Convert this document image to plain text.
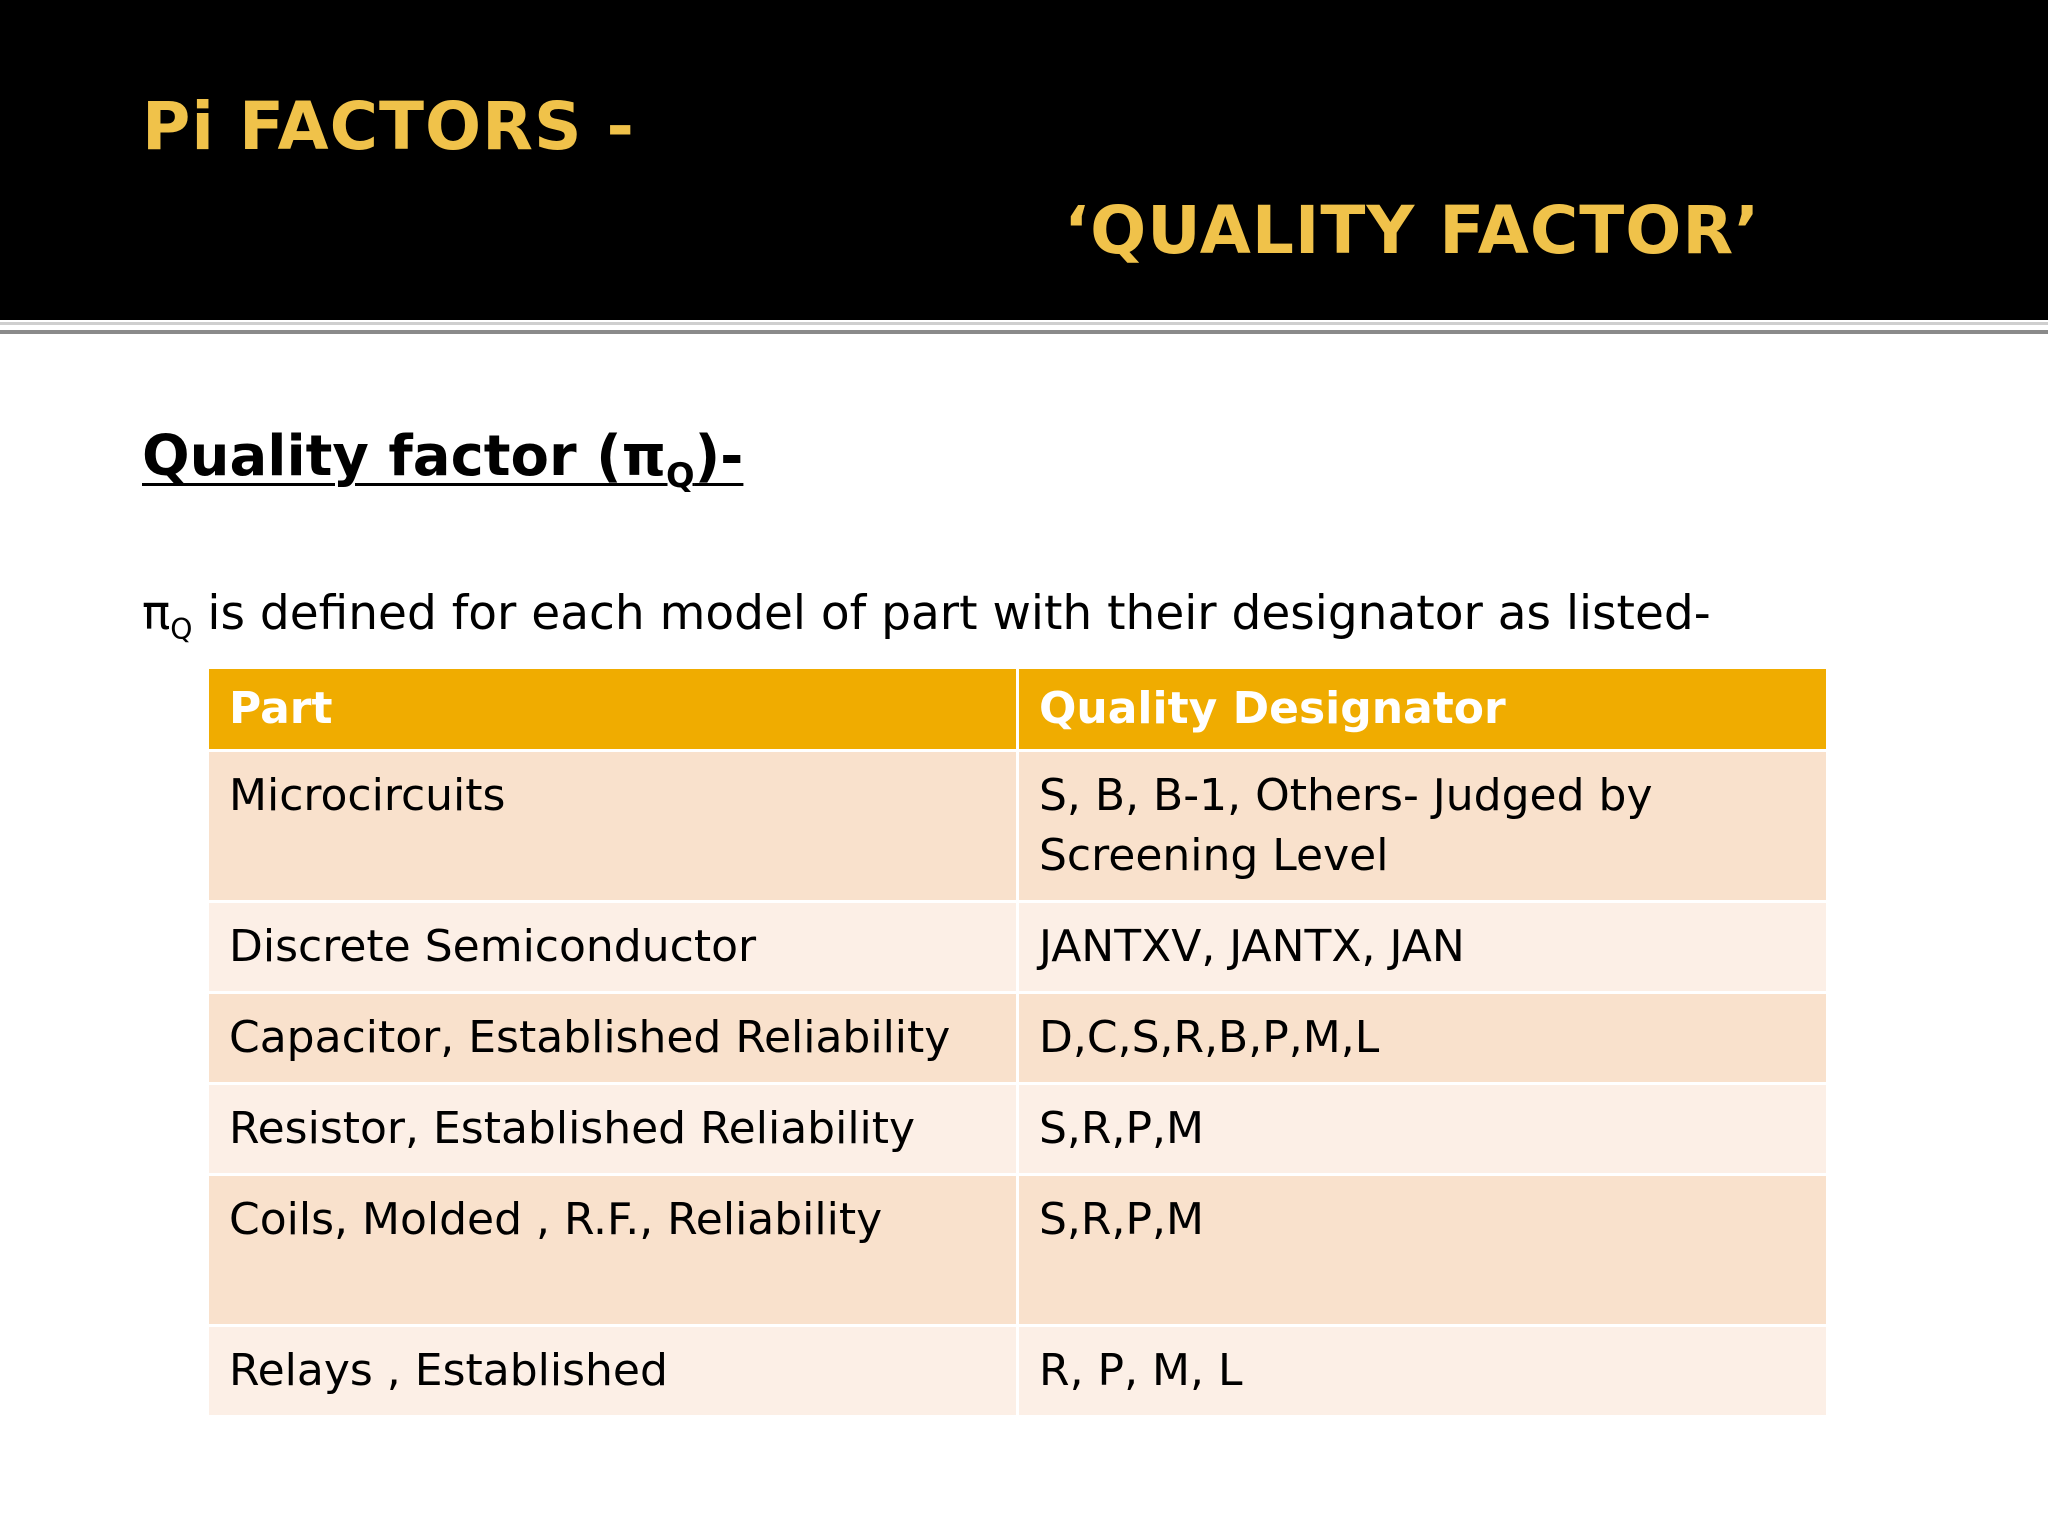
Pi FACTORS -
‘QUALITY FACTOR’
Quality factor $(\pi_Q)-$
$\pi_Q$ is defined for each model of part with their designator as listed-
Part	Quality Designator
Microcircuits	S, B, B-1, Others- Judged by Screening Level
Discrete Semiconductor	JANTXV, JANTX, JAN
Capacitor, Established Reliability	D,C,S,R,B,P,M,L
Resistor, Established Reliability	S,R,P,M
Coils, Molded , R.F., Reliability	S,R,P,M
Relays , Established	R, P, M, L
